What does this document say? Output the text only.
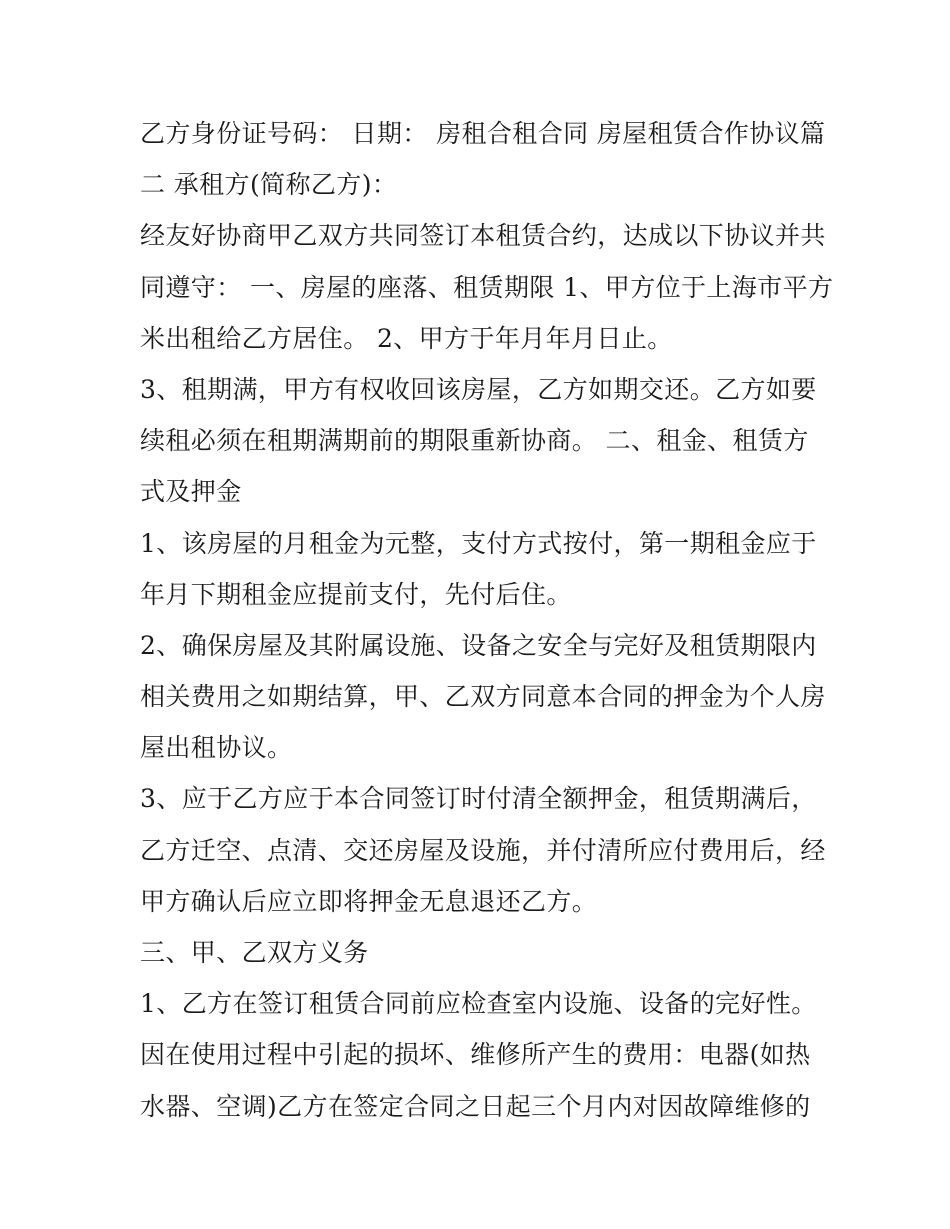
乙方身份证号码： 日期： 房租合租合同 房屋租赁合作协议篇
二 承租方(简称乙方)：
经友好协商甲乙双方共同签订本租赁合约，达成以下协议并共
同遵守： 一、房屋的座落、租赁期限 1、甲方位于上海市平方
米出租给乙方居住。 2、甲方于年月年月日止。
3、租期满，甲方有权收回该房屋，乙方如期交还。乙方如要
续租必须在租期满期前的期限重新协商。 二、租金、租赁方
式及押金
1、该房屋的月租金为元整，支付方式按付，第一期租金应于
年月下期租金应提前支付，先付后住。
2、确保房屋及其附属设施、设备之安全与完好及租赁期限内
相关费用之如期结算，甲、乙双方同意本合同的押金为个人房
屋出租协议。
3、应于乙方应于本合同签订时付清全额押金，租赁期满后，
乙方迁空、点清、交还房屋及设施，并付清所应付费用后，经
甲方确认后应立即将押金无息退还乙方。
三、甲、乙双方义务
1、乙方在签订租赁合同前应检查室内设施、设备的完好性。
因在使用过程中引起的损坏、维修所产生的费用：电器(如热
水器、空调)乙方在签定合同之日起三个月内对因故障维修的
